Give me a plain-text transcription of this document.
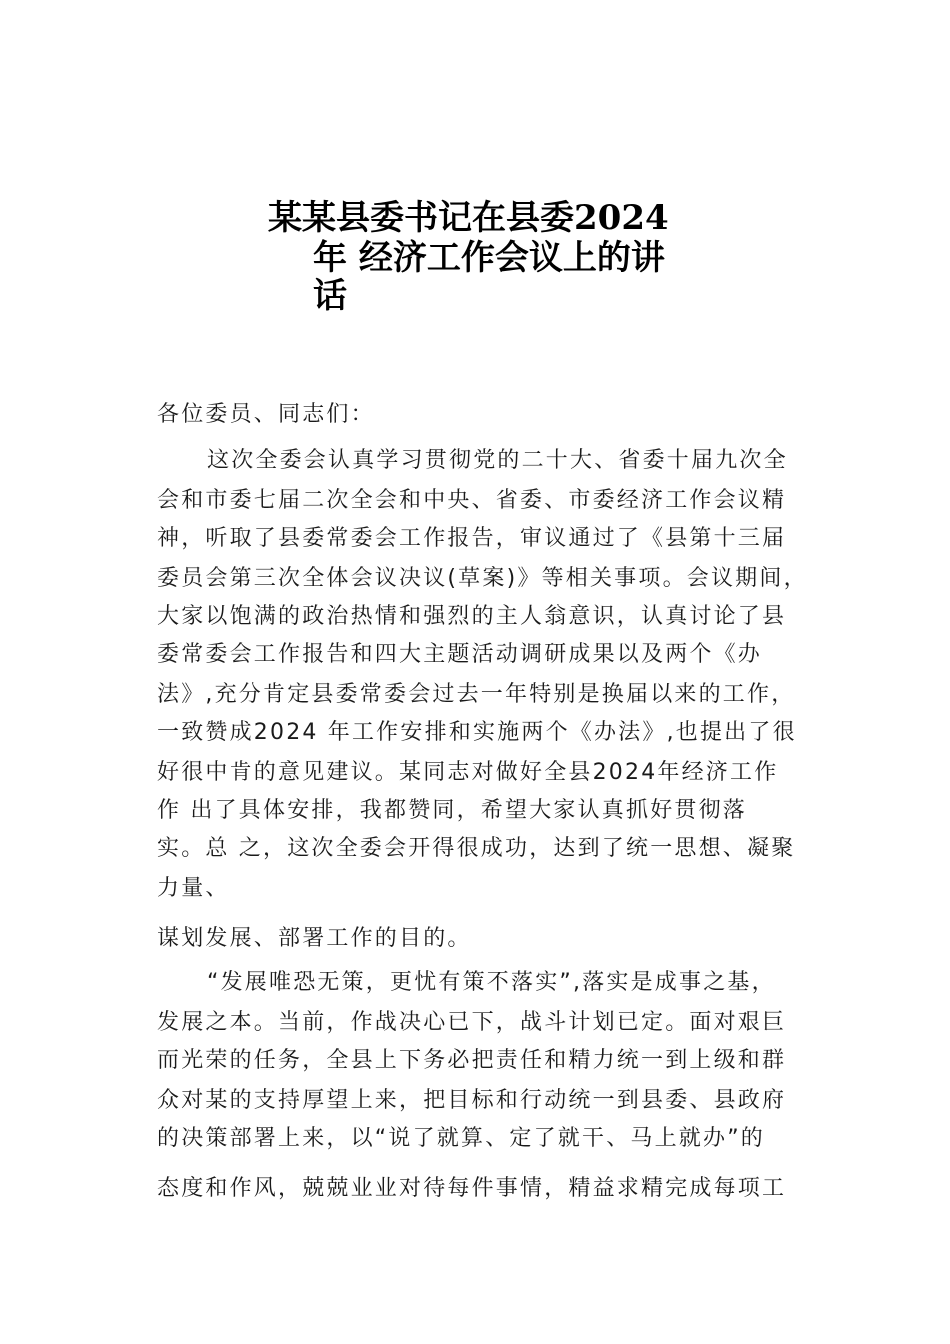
某某县委书记在县委2024
年 经济工作会议上的讲
话
各位委员、同志们：
这次全委会认真学习贯彻党的二十大、省委十届九次全
会和市委七届二次全会和中央、省委、市委经济工作会议精
神，听取了县委常委会工作报告，审议通过了《县第十三届
委员会第三次全体会议决议(草案)》等相关事项。会议期间，
大家以饱满的政治热情和强烈的主人翁意识，认真讨论了县
委常委会工作报告和四大主题活动调研成果以及两个《办
法》,充分肯定县委常委会过去一年特别是换届以来的工作，
一致赞成2024 年工作安排和实施两个《办法》,也提出了很
好很中肯的意见建议。某同志对做好全县2024年经济工作
作 出了具体安排，我都赞同，希望大家认真抓好贯彻落
实。总 之，这次全委会开得很成功，达到了统一思想、凝聚
力量、
谋划发展、部署工作的目的。
“发展唯恐无策，更忧有策不落实”,落实是成事之基，
发展之本。当前，作战决心已下，战斗计划已定。面对艰巨
而光荣的任务，全县上下务必把责任和精力统一到上级和群
众对某的支持厚望上来，把目标和行动统一到县委、县政府
的决策部署上来，以“说了就算、定了就干、马上就办”的
态度和作风，兢兢业业对待每件事情，精益求精完成每项工
